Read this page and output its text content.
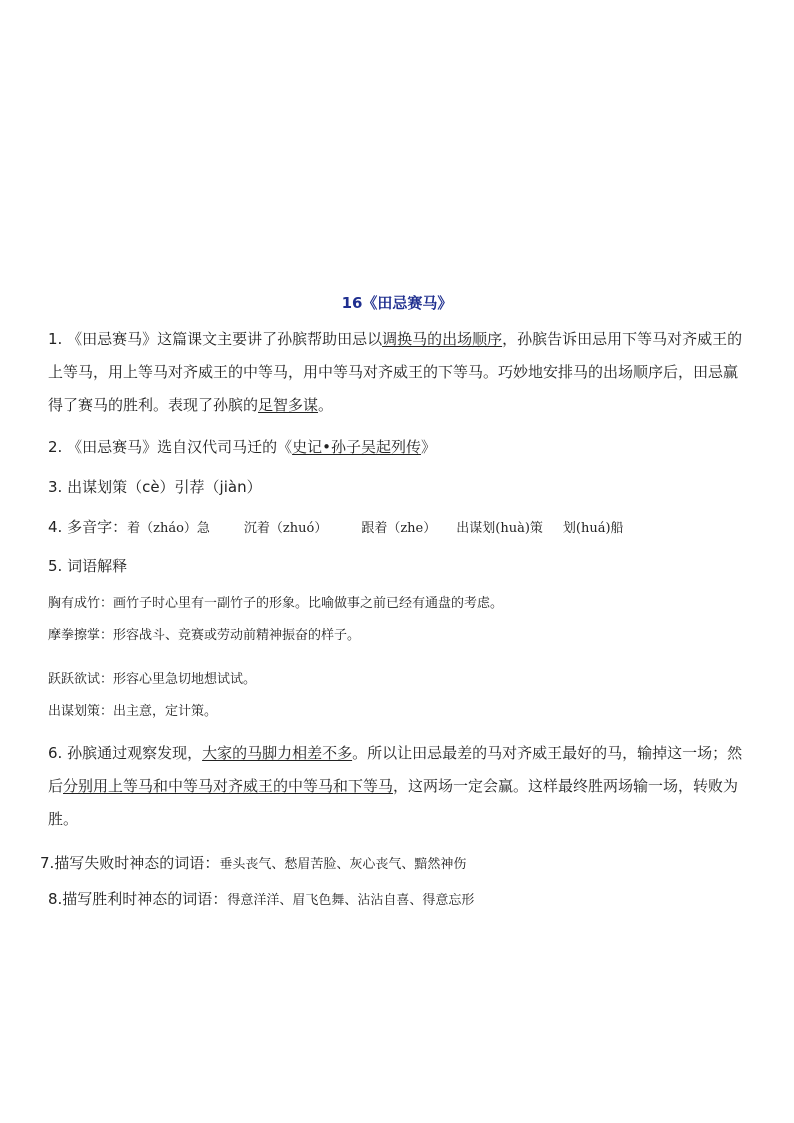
16《田忌赛马》

1. 《田忌赛马》这篇课文主要讲了孙膑帮助田忌以调换马的出场顺序，孙膑告诉田忌用下等马对齐威王的上等马，用上等马对齐威王的中等马，用中等马对齐威王的下等马。巧妙地安排马的出场顺序后，田忌赢得了赛马的胜利。表现了孙膑的足智多谋。

2. 《田忌赛马》选自汉代司马迁的《史记•孙子吴起列传》

3. 出谋划策（cè）引荐（jiàn）

4. 多音字：着（zháo）急	沉着（zhuó）	跟着（zhe） 出谋划(huà)策 划(huá)船

5. 词语解释

胸有成竹：画竹子时心里有一副竹子的形象。比喻做事之前已经有通盘的考虑。

摩拳擦掌：形容战斗、竞赛或劳动前精神振奋的样子。

跃跃欲试：形容心里急切地想试试。

出谋划策：出主意，定计策。

6. 孙膑通过观察发现，大家的马脚力相差不多。所以让田忌最差的马对齐威王最好的马，输掉这一场；然后分别用上等马和中等马对齐威王的中等马和下等马，这两场一定会赢。这样最终胜两场输一场，转败为胜。

7.描写失败时神态的词语：垂头丧气、愁眉苦脸、灰心丧气、黯然神伤

8.描写胜利时神态的词语：得意洋洋、眉飞色舞、沾沾自喜、得意忘形
